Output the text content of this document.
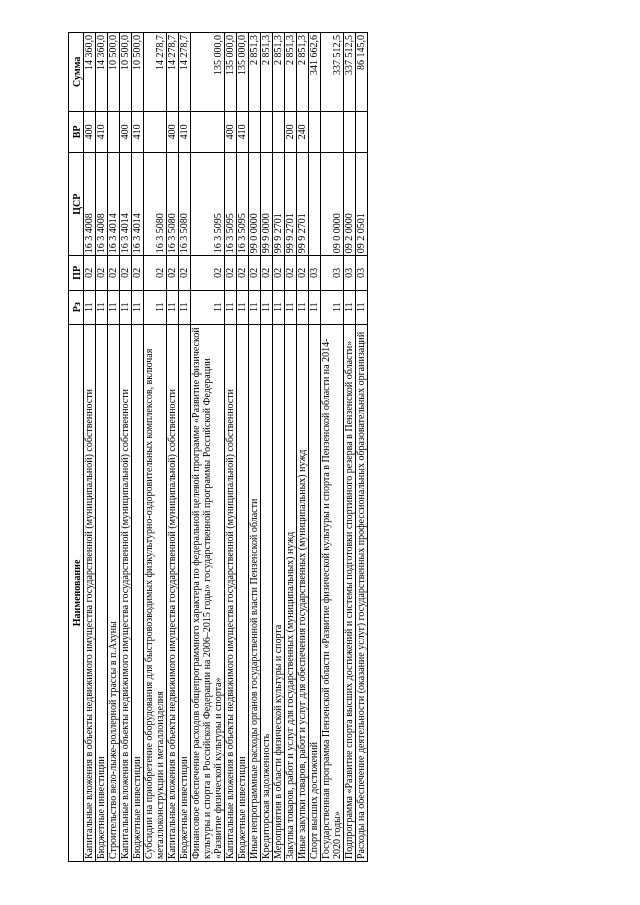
Наименование	Рз	ПР	ЦСР	ВР	Сумма
Капитальные вложения в объекты недвижимого имущества государственной (муниципальной) собственности	11	02	16 3 4008	400	14 360,0
Бюджетные инвестиции	11	02	16 3 4008	410	14 360,0
Строительство вело-лыже-роллерной трассы в п.Ахуны	11	02	16 3 4014		10 500,0
Капитальные вложения в объекты недвижимого имущества государственной (муниципальной) собственности	11	02	16 3 4014	400	10 500,0
Бюджетные инвестиции	11	02	16 3 4014	410	10 500,0
Субсидии на приобретение оборудования для быстровозводимых физкультурно-оздоровительных комплексов, включая металлоконструкции и металлоизделия	11	02	16 3 5080		14 278,7
Капитальные вложения в объекты недвижимого имущества государственной (муниципальной) собственности	11	02	16 3 5080	400	14 278,7
Бюджетные инвестиции	11	02	16 3 5080	410	14 278,7
Финансовое обеспечение расходов общепрограммного характера по федеральной целевой программе «Развитие физической культуры и спорта в Российской Федерации на 2006–2015 годы» государственной программы Российской Федерации «Развитие физической культуры и спорта»	11	02	16 3 5095		135 000,0
Капитальные вложения в объекты недвижимого имущества государственной (муниципальной) собственности	11	02	16 3 5095	400	135 000,0
Бюджетные инвестиции	11	02	16 3 5095	410	135 000,0
Иные непрограммные расходы органов государственной власти Пензенской области	11	02	99 0 0000		2 851,3
Кредиторская задолженность	11	02	99 9 0000		2 851,3
Мероприятия в области физической культуры и спорта	11	02	99 9 2701		2 851,3
Закупка товаров, работ и услуг для государственных (муниципальных) нужд	11	02	99 9 2701	200	2 851,3
Иные закупки товаров, работ и услуг для обеспечения государственных (муниципальных) нужд	11	02	99 9 2701	240	2 851,3
Спорт высших достижений	11	03			341 662,6
Государственная программа Пензенской области «Развитие физической культуры и спорта в Пензенской области на 2014-2020 годы»	11	03	09 0 0000		337 512,5
Подпрограмма «Развитие спорта высших достижений и системы подготовки спортивного резерва в Пензенской области»	11	03	09 2 0000		337 512,5
Расходы на обеспечение деятельности (оказание услуг) государственных профессиональных образовательных организаций	11	03	09 2 0501		86 145,0
